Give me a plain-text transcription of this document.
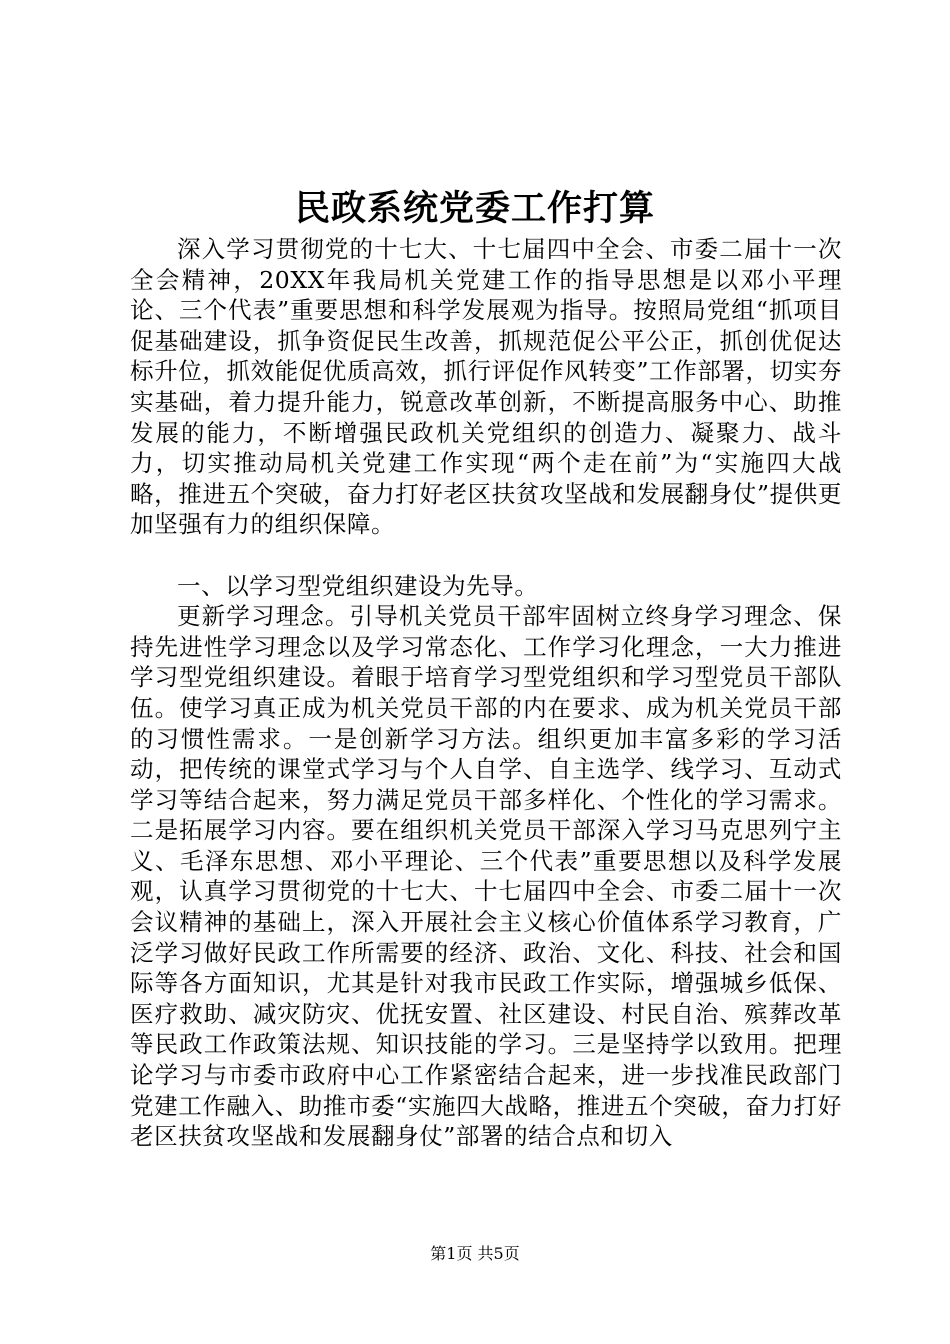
民政系统党委工作打算

深入学习贯彻党的十七大、十七届四中全会、市委二届十一次全会精神，20XX年我局机关党建工作的指导思想是以邓小平理论、三个代表”重要思想和科学发展观为指导。按照局党组“抓项目促基础建设，抓争资促民生改善，抓规范促公平公正，抓创优促达标升位，抓效能促优质高效，抓行评促作风转变”工作部署，切实夯实基础，着力提升能力，锐意改革创新，不断提高服务中心、助推发展的能力，不断增强民政机关党组织的创造力、凝聚力、战斗力，切实推动局机关党建工作实现“两个走在前”为“实施四大战略，推进五个突破，奋力打好老区扶贫攻坚战和发展翻身仗”提供更加坚强有力的组织保障。

一、以学习型党组织建设为先导。

更新学习理念。引导机关党员干部牢固树立终身学习理念、保持先进性学习理念以及学习常态化、工作学习化理念，一大力推进学习型党组织建设。着眼于培育学习型党组织和学习型党员干部队伍。使学习真正成为机关党员干部的内在要求、成为机关党员干部的习惯性需求。一是创新学习方法。组织更加丰富多彩的学习活动，把传统的课堂式学习与个人自学、自主选学、线学习、互动式学习等结合起来，努力满足党员干部多样化、个性化的学习需求。二是拓展学习内容。要在组织机关党员干部深入学习马克思列宁主义、毛泽东思想、邓小平理论、三个代表”重要思想以及科学发展观，认真学习贯彻党的十七大、十七届四中全会、市委二届十一次会议精神的基础上，深入开展社会主义核心价值体系学习教育，广泛学习做好民政工作所需要的经济、政治、文化、科技、社会和国际等各方面知识，尤其是针对我市民政工作实际，增强城乡低保、医疗救助、减灾防灾、优抚安置、社区建设、村民自治、殡葬改革等民政工作政策法规、知识技能的学习。三是坚持学以致用。把理论学习与市委市政府中心工作紧密结合起来，进一步找准民政部门党建工作融入、助推市委“实施四大战略，推进五个突破，奋力打好老区扶贫攻坚战和发展翻身仗”部署的结合点和切入

第1页 共5页
